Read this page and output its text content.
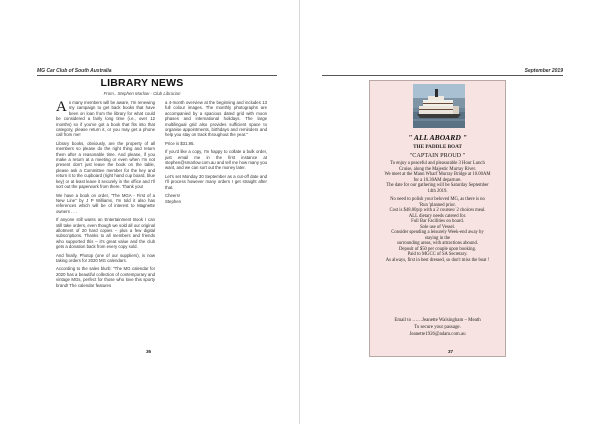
MG Car Club of South Australia
LIBRARY NEWS
From.. Stephen Marlow - Club Librarian

A s many members will be aware, I'm renewing my campaign to get back books that have been on loan from the library for what could be considered a fairly long time (i.e., over 12 months) so if you've got a book that fits into that category, please return it, or you may get a phone call from me!

Library books, obviously, are the property of all members so please do the right thing and return them after a reasonable time. And please, if you make a return at a meeting or even when I'm not present don't just leave the book on the table, please ask a Committee member for the key and return it to the cupboard (right hand cup board, blue key) or at least leave it securely in the office and I'll sort out the paperwork from there. Thank you!

We have a book on order, "The MGA - First of a New Line" by J P Williams, I'm told it also has references which will be of interest to Magnette owners . . .

If anyone still wants an Entertainment Book I can still take orders, even though we sold all our original allotment of 20 hard copies – plus a few digital subscriptions. Thanks to all members and friends who supported this – it's great value and the club gets a donation back from every copy sold.

And finally, Photop (one of our suppliers), is now taking orders for 2020 MG calendars.

According to the sales blurb: "The MG calendar for 2020 has a beautiful collection of contemporary and vintage MGs, perfect for those who love this sporty brand! The calendar features

a 4-month overview at the beginning and includes 13 full colour images. The monthly photographs are accompanied by a spacious dated grid with moon phases and international holidays. The large multilingual grid also provides sufficient space to organise appointments, birthdays and reminders and help you stay on track throughout the year."

Price is $31.95.

If you'd like a copy, I'm happy to collate a bulk order, just email me in the first instance at stephen@smarlow.com.au and tell me how many you want, and we can sort out the money later.

Let's set Monday 30 September as a cut-off date and I'll process however many orders I get straight after that.

Cheers!

Stephen

36
September 2019
" ALL ABOARD "
THE PADDLE BOAT
"CAPTAIN PROUD "
To enjoy a peaceful and pleasurable 3 Hour Lunch
Cruise, along the Majestic Murray River.
We meet at the Mann Wharf Murray Bridge at 10.00AM
for a 10.30AM departure.
The date for our gathering will be Saturday September
14th 2019.
No need to polish your beloved MG, as there is no
'Run 'planned prior.
Cost is $48.00p/p with a 2 courses/ 2 choices meal.
ALL dietary needs catered for.
Full Bar Facilities on board.
Sole use of Vessel.
Consider spending a leisurely Week-end away by
staying in the
surrounding areas, with attractions abound.
Deposit of $50 per couple upon booking.
Paid to MGCC of SA Secretary.
As always, first in best dressed, so don't miss the boat !
Email to ……Jeanette Walsingham – Meath
To secure your passage.
Jeanette1926@adam.com.au
37
